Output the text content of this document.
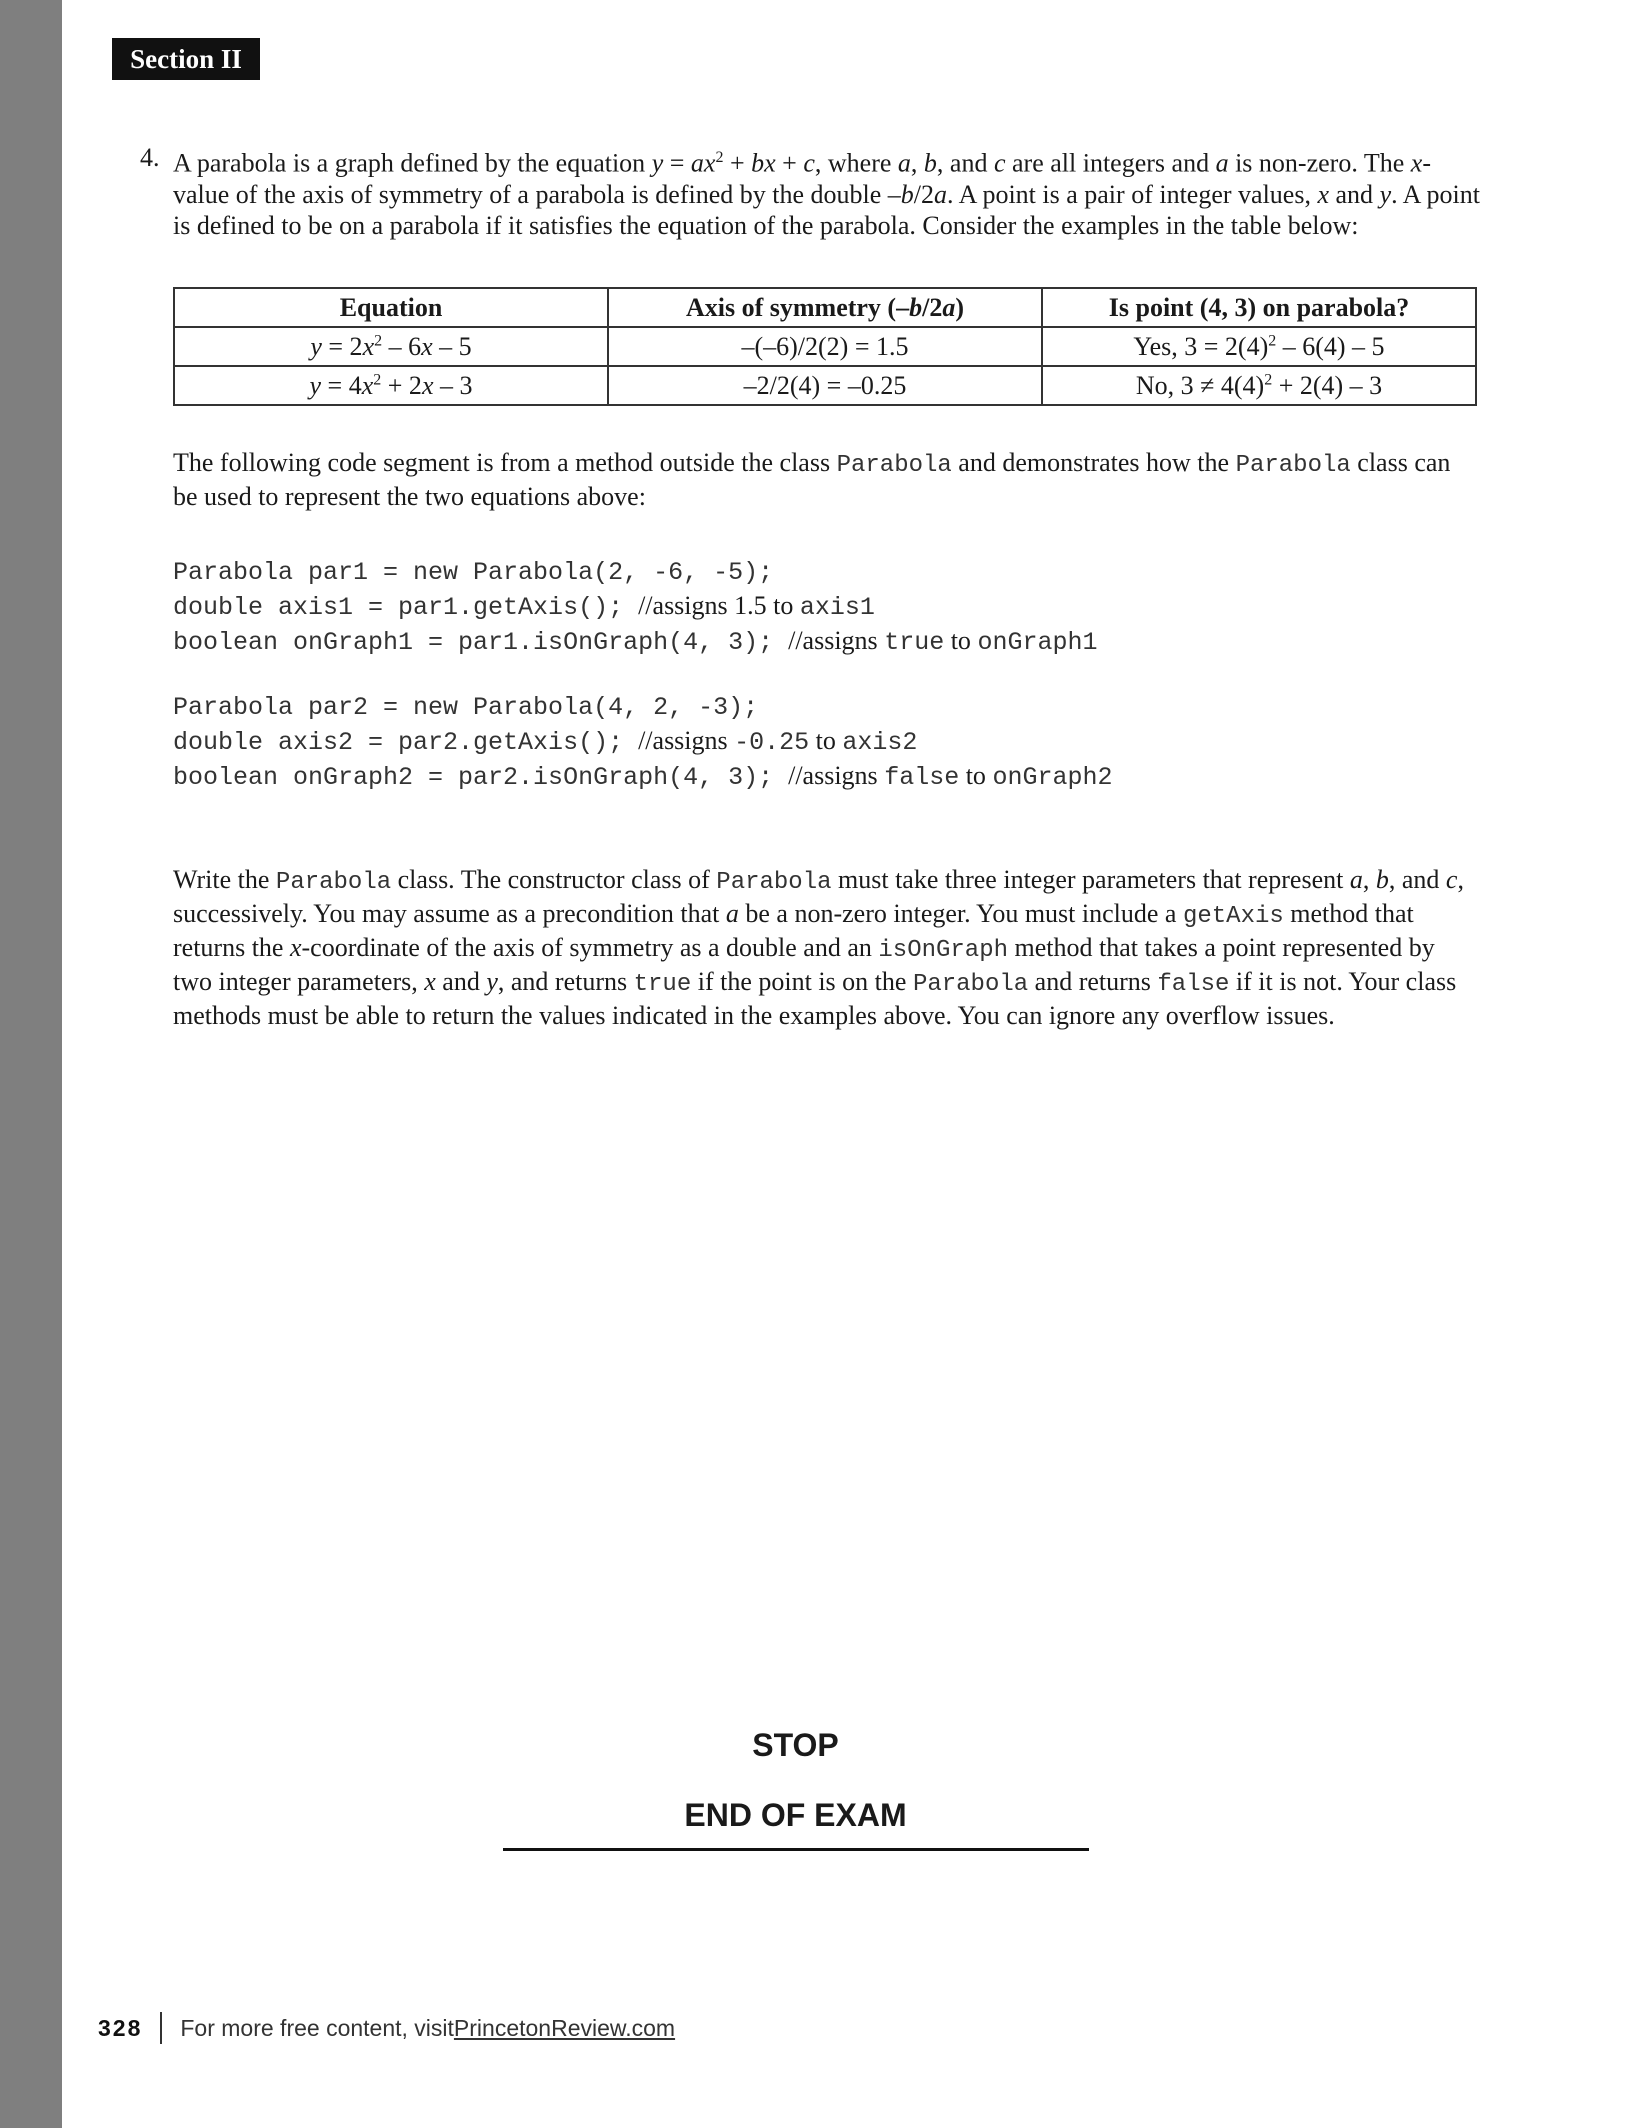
Section II
4. A parabola is a graph defined by the equation $y = ax^2$ + bx + c, where a, b, and c are all integers and a is non-zero. The x-value of the axis of symmetry of a parabola is defined by the double –b/2a. A point is a pair of integer values, x and y. A point is defined to be on a parabola if it satisfies the equation of the parabola. Consider the examples in the table below:
Equation	Axis of symmetry (–b/2a)	Is point (4, 3) on parabola?
$y = 2x^2 - 6x - 5$	–(–6)/2(2) = 1.5	Yes, $3 = 2(4)^2 - 6(4) - 5$
$y = 4x^2 + 2x - 3$	–2/2(4) = –0.25	No, $3 \ne 4(4)^2 + 2(4) - 3$
The following code segment is from a method outside the class Parabola and demonstrates how the Parabola class can be used to represent the two equations above:
Parabola par1 = new Parabola(2, -6, -5);
double axis1 = par1.getAxis(); //assigns 1.5 to axis1
boolean onGraph1 = par1.isOnGraph(4, 3); //assigns true to onGraph1
Parabola par2 = new Parabola(4, 2, -3);
double axis2 = par2.getAxis(); //assigns -0.25 to axis2
boolean onGraph2 = par2.isOnGraph(4, 3); //assigns false to onGraph2
Write the Parabola class. The constructor class of Parabola must take three integer parameters that represent a, b, and c, successively. You may assume as a precondition that a be a non-zero integer. You must include a getAxis method that returns the x-coordinate of the axis of symmetry as a double and an isOnGraph method that takes a point represented by two integer parameters, x and y, and returns true if the point is on the Parabola and returns false if it is not. Your class methods must be able to return the values indicated in the examples above. You can ignore any overflow issues.
STOP
END OF EXAM
328 For more free content, visit PrincetonReview.com
